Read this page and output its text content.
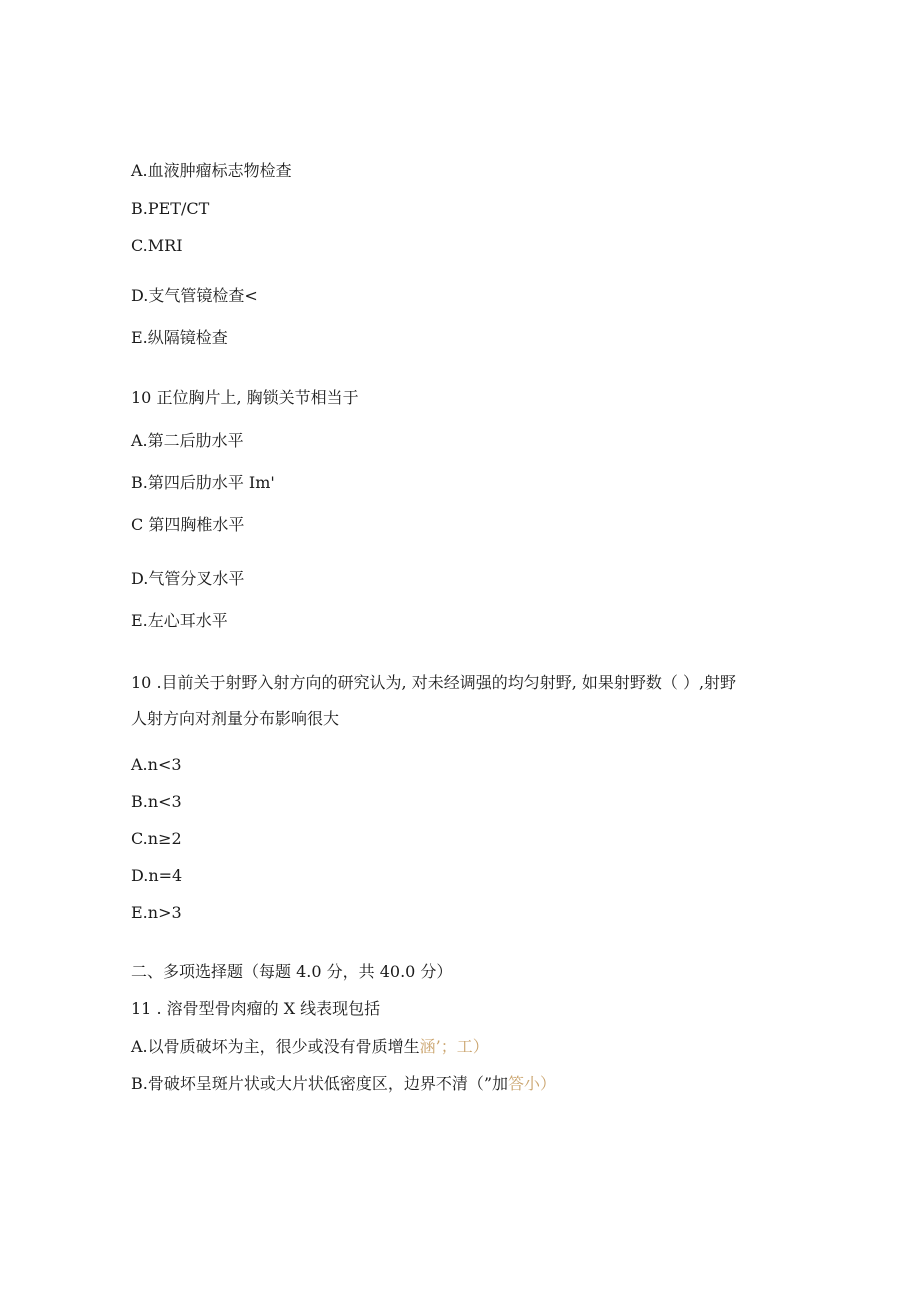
A.血液肿瘤标志物检查
B.PET/CT
C.MRI
D.支气管镜检查<
E.纵隔镜检查
10 正位胸片上, 胸锁关节相当于
A.第二后肋水平
B.第四后肋水平 Im'
C 第四胸椎水平
D.气管分叉水平
E.左心耳水平
10 .目前关于射野入射方向的研究认为, 对未经调强的均匀射野, 如果射野数（ ）,射野
人射方向对剂量分布影响很大
A.n<3
B.n<3
C.n≥2
D.n=4
E.n>3
二、多项选择题（每题 4.0 分，共 40.0 分）
11 . 溶骨型骨肉瘤的 X 线表现包括
A.以骨质破坏为主，很少或没有骨质增生涵’；工）
B.骨破坏呈斑片状或大片状低密度区，边界不清（”加答小）
